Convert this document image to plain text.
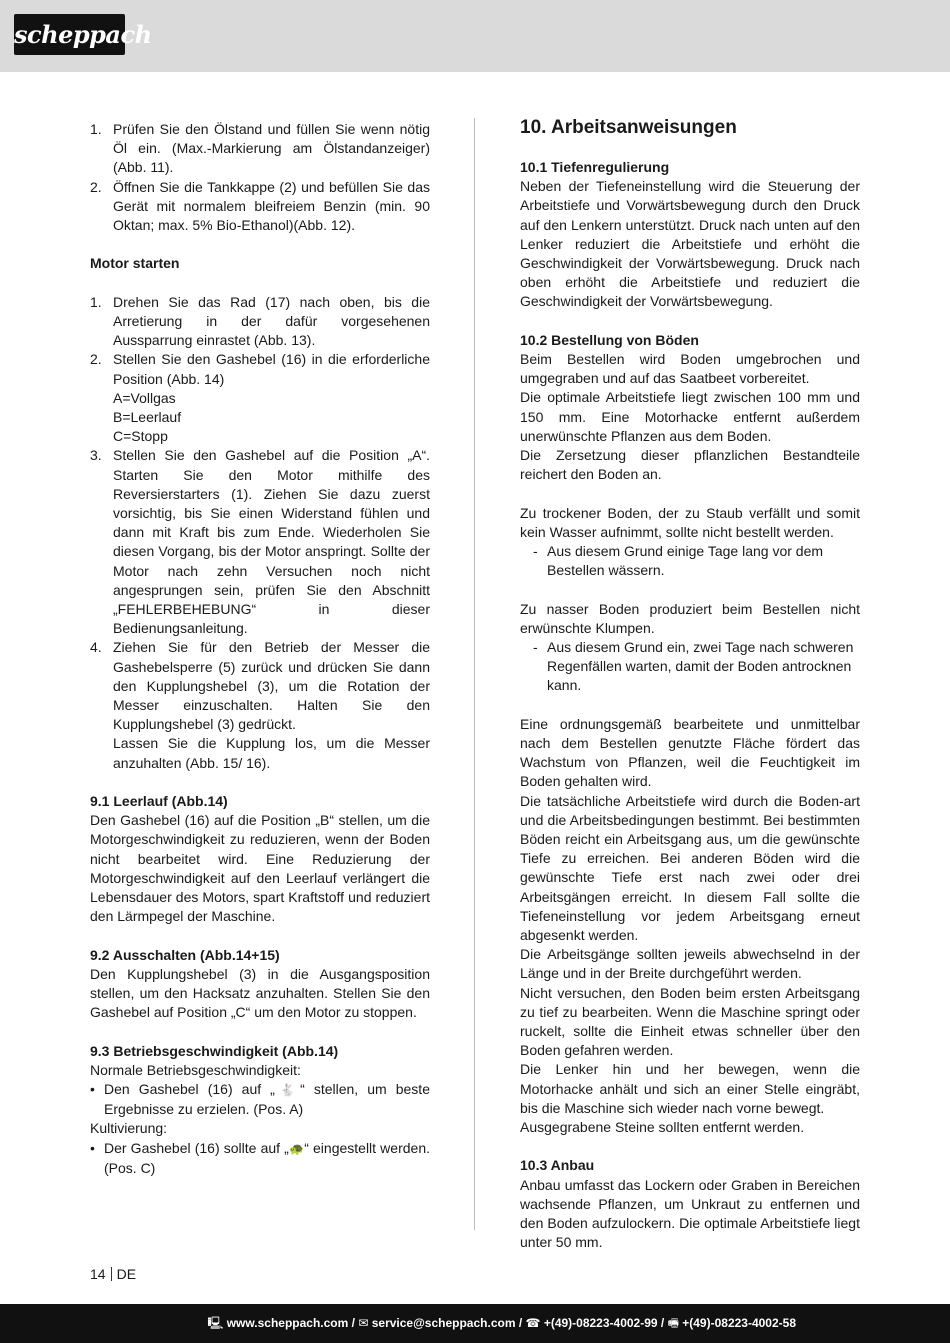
scheppach
1. Prüfen Sie den Ölstand und füllen Sie wenn nötig Öl ein. (Max.-Markierung am Ölstandanzeiger) (Abb. 11).
2. Öffnen Sie die Tankkappe (2) und befüllen Sie das Gerät mit normalem bleifreiem Benzin (min. 90 Oktan; max. 5% Bio-Ethanol)(Abb. 12).

Motor starten

1. Drehen Sie das Rad (17) nach oben, bis die Arretierung in der dafür vorgesehenen Aussparrung einrastet (Abb. 13).
2. Stellen Sie den Gashebel (16) in die erforderliche Position (Abb. 14)
A=Vollgas
B=Leerlauf
C=Stopp
3. Stellen Sie den Gashebel auf die Position „A“. Starten Sie den Motor mithilfe des Reversierstarters (1). Ziehen Sie dazu zuerst vorsichtig, bis Sie einen Widerstand fühlen und dann mit Kraft bis zum Ende. Wiederholen Sie diesen Vorgang, bis der Motor anspringt. Sollte der Motor nach zehn Versuchen noch nicht angesprungen sein, prüfen Sie den Abschnitt „FEHLERBEHEBUNG“ in dieser Bedienungsanleitung.
4. Ziehen Sie für den Betrieb der Messer die Gashebelsperre (5) zurück und drücken Sie dann den Kupplungshebel (3), um die Rotation der Messer einzuschalten. Halten Sie den Kupplungshebel (3) gedrückt.
Lassen Sie die Kupplung los, um die Messer anzuhalten (Abb. 15/ 16).

9.1 Leerlauf (Abb.14)

Den Gashebel (16) auf die Position „B“ stellen, um die Motorgeschwindigkeit zu reduzieren, wenn der Boden nicht bearbeitet wird. Eine Reduzierung der Motorgeschwindigkeit auf den Leerlauf verlängert die Lebensdauer des Motors, spart Kraftstoff und reduziert den Lärmpegel der Maschine.

9.2 Ausschalten (Abb.14+15)

Den Kupplungshebel (3) in die Ausgangsposition stellen, um den Hacksatz anzuhalten. Stellen Sie den Gashebel auf Position „C“ um den Motor zu stoppen.

9.3 Betriebsgeschwindigkeit (Abb.14)

Normale Betriebsgeschwindigkeit:

• Den Gashebel (16) auf „🐇“ stellen, um beste Ergebnisse zu erzielen. (Pos. A)

Kultivierung:

• Der Gashebel (16) sollte auf „🐢“ eingestellt werden. (Pos. C)

10. Arbeitsanweisungen

10.1 Tiefenregulierung

Neben der Tiefeneinstellung wird die Steuerung der Arbeitstiefe und Vorwärtsbewegung durch den Druck auf den Lenkern unterstützt. Druck nach unten auf den Lenker reduziert die Arbeitstiefe und erhöht die Geschwindigkeit der Vorwärtsbewegung. Druck nach oben erhöht die Arbeitstiefe und reduziert die Geschwindigkeit der Vorwärtsbewegung.

10.2 Bestellung von Böden

Beim Bestellen wird Boden umgebrochen und umgegraben und auf das Saatbeet vorbereitet.

Die optimale Arbeitstiefe liegt zwischen 100 mm und 150 mm. Eine Motorhacke entfernt außerdem unerwünschte Pflanzen aus dem Boden.

Die Zersetzung dieser pflanzlichen Bestandteile reichert den Boden an.

Zu trockener Boden, der zu Staub verfällt und somit kein Wasser aufnimmt, sollte nicht bestellt werden.

- Aus diesem Grund einige Tage lang vor dem Bestellen wässern.

Zu nasser Boden produziert beim Bestellen nicht erwünschte Klumpen.

- Aus diesem Grund ein, zwei Tage nach schweren Regenfällen warten, damit der Boden antrocknen kann.

Eine ordnungsgemäß bearbeitete und unmittelbar nach dem Bestellen genutzte Fläche fördert das Wachstum von Pflanzen, weil die Feuchtigkeit im Boden gehalten wird.

Die tatsächliche Arbeitstiefe wird durch die Boden-art und die Arbeitsbedingungen bestimmt. Bei bestimmten Böden reicht ein Arbeitsgang aus, um die gewünschte Tiefe zu erreichen. Bei anderen Böden wird die gewünschte Tiefe erst nach zwei oder drei Arbeitsgängen erreicht. In diesem Fall sollte die Tiefeneinstellung vor jedem Arbeitsgang erneut abgesenkt werden.

Die Arbeitsgänge sollten jeweils abwechselnd in der Länge und in der Breite durchgeführt werden.

Nicht versuchen, den Boden beim ersten Arbeitsgang zu tief zu bearbeiten. Wenn die Maschine springt oder ruckelt, sollte die Einheit etwas schneller über den Boden gefahren werden.

Die Lenker hin und her bewegen, wenn die Motorhacke anhält und sich an einer Stelle eingräbt, bis die Maschine sich wieder nach vorne bewegt.

Ausgegrabene Steine sollten entfernt werden.

10.3 Anbau

Anbau umfasst das Lockern oder Graben in Bereichen wachsende Pflanzen, um Unkraut zu entfernen und den Boden aufzulockern. Die optimale Arbeitstiefe liegt unter 50 mm.

14 DE
🖳 www.scheppach.com / ✉ service@scheppach.com / ☎ +(49)-08223-4002-99 / 🖷 +(49)-08223-4002-58
